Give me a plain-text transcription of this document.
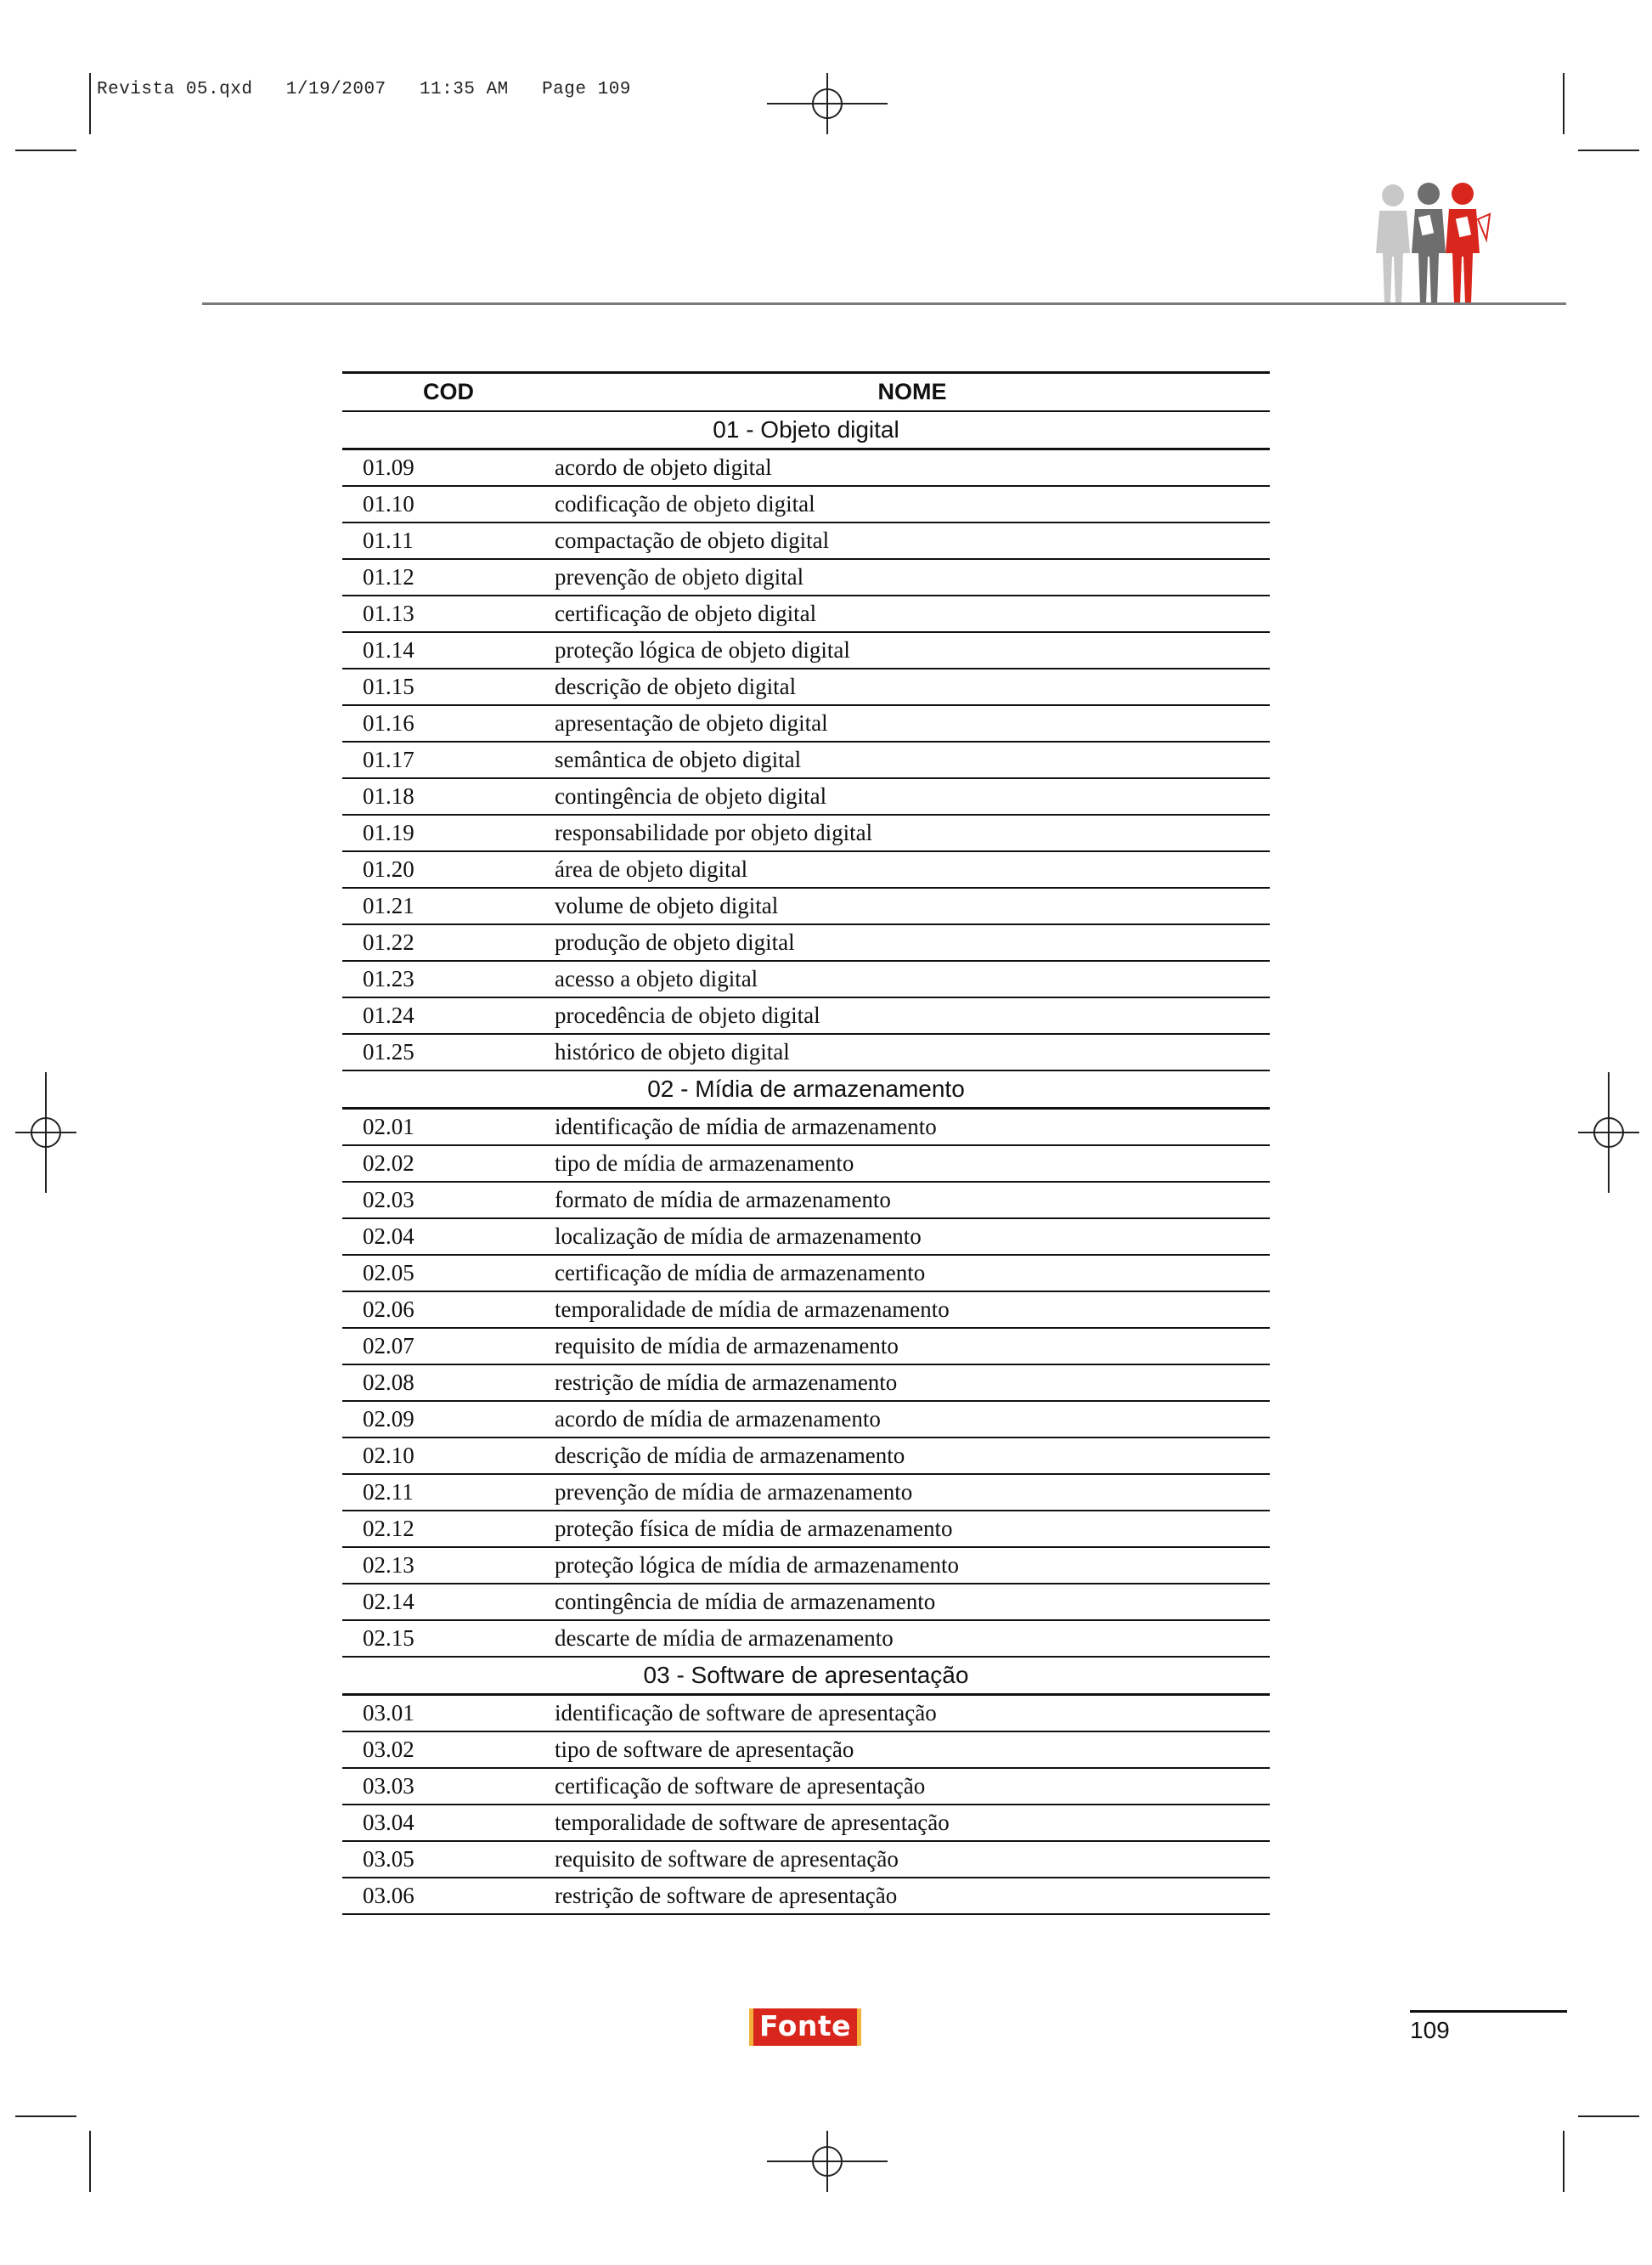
Revista 05.qxd   1/19/2007   11:35 AM   Page 109
COD	NOME
01 - Objeto digital	
01.09	acordo de objeto digital
01.10	codificação de objeto digital
01.11	compactação de objeto digital
01.12	prevenção de objeto digital
01.13	certificação de objeto digital
01.14	proteção lógica de objeto digital
01.15	descrição de objeto digital
01.16	apresentação de objeto digital
01.17	semântica de objeto digital
01.18	contingência de objeto digital
01.19	responsabilidade por objeto digital
01.20	área de objeto digital
01.21	volume de objeto digital
01.22	produção de objeto digital
01.23	acesso a objeto digital
01.24	procedência de objeto digital
01.25	histórico de objeto digital
02 - Mídia de armazenamento	
02.01	identificação de mídia de armazenamento
02.02	tipo de mídia de armazenamento
02.03	formato de mídia de armazenamento
02.04	localização de mídia de armazenamento
02.05	certificação de mídia de armazenamento
02.06	temporalidade de mídia de armazenamento
02.07	requisito de mídia de armazenamento
02.08	restrição de mídia de armazenamento
02.09	acordo de mídia de armazenamento
02.10	descrição de mídia de armazenamento
02.11	prevenção de mídia de armazenamento
02.12	proteção física de mídia de armazenamento
02.13	proteção lógica de mídia de armazenamento
02.14	contingência de mídia de armazenamento
02.15	descarte de mídia de armazenamento
03 - Software de apresentação	
03.01	identificação de software de apresentação
03.02	tipo de software de apresentação
03.03	certificação de software de apresentação
03.04	temporalidade de software de apresentação
03.05	requisito de software de apresentação
03.06	restrição de software de apresentação
Fonte	109
